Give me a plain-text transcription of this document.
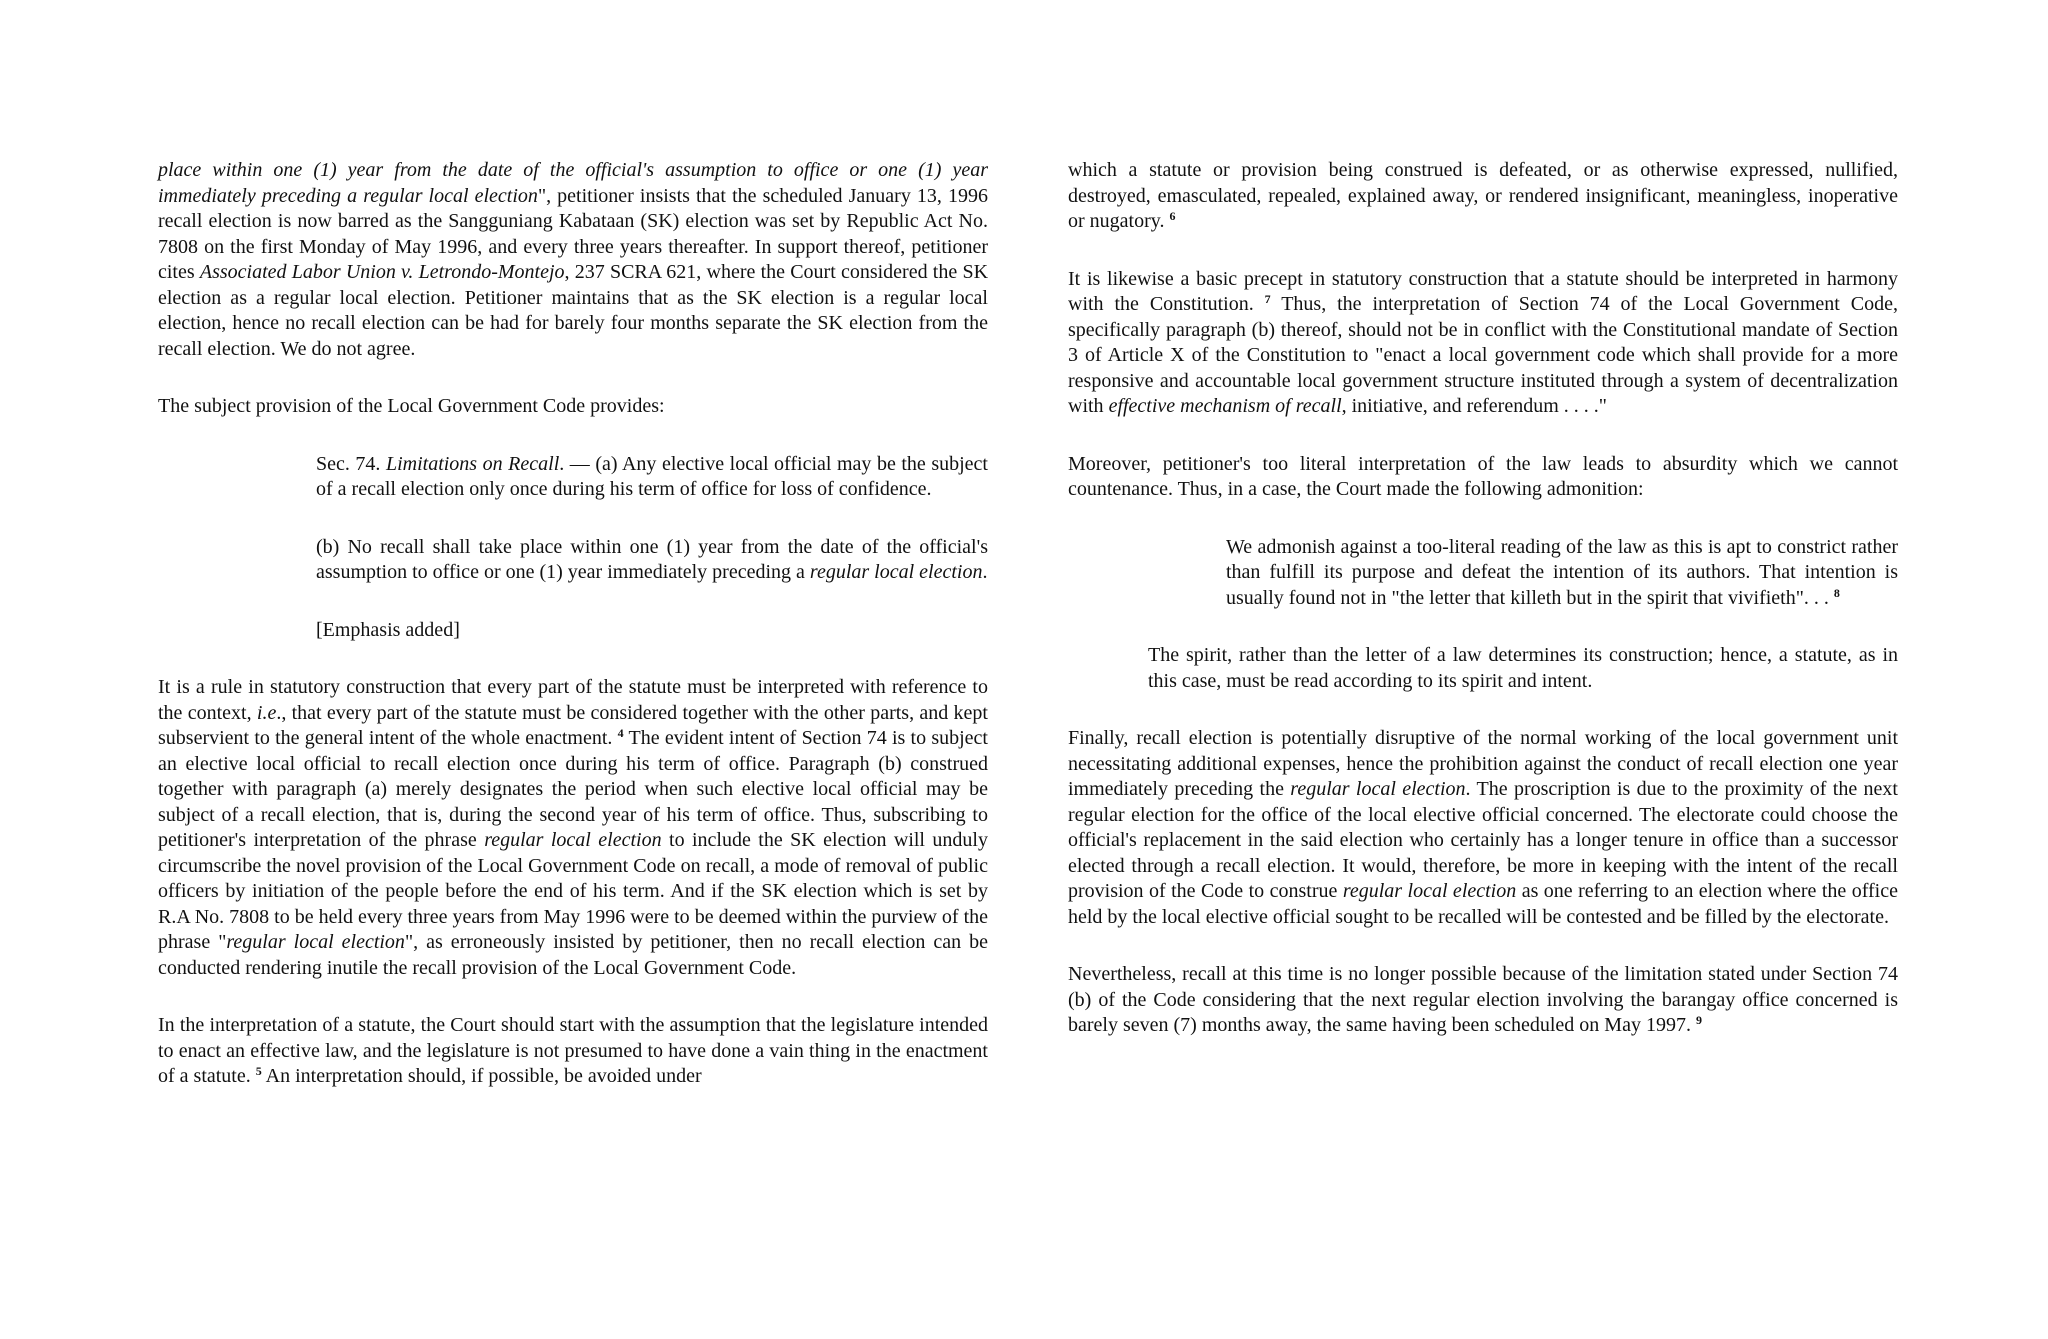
place within one (1) year from the date of the official's assumption to office or one (1) year immediately preceding a regular local election", petitioner insists that the scheduled January 13, 1996 recall election is now barred as the Sangguniang Kabataan (SK) election was set by Republic Act No. 7808 on the first Monday of May 1996, and every three years thereafter. In support thereof, petitioner cites Associated Labor Union v. Letrondo-Montejo, 237 SCRA 621, where the Court considered the SK election as a regular local election. Petitioner maintains that as the SK election is a regular local election, hence no recall election can be had for barely four months separate the SK election from the recall election. We do not agree.

The subject provision of the Local Government Code provides:

Sec. 74. Limitations on Recall. — (a) Any elective local official may be the subject of a recall election only once during his term of office for loss of confidence.

(b) No recall shall take place within one (1) year from the date of the official's assumption to office or one (1) year immediately preceding a regular local election.

[Emphasis added]

It is a rule in statutory construction that every part of the statute must be interpreted with reference to the context, i.e., that every part of the statute must be considered together with the other parts, and kept subservient to the general intent of the whole enactment. $^4$ The evident intent of Section 74 is to subject an elective local official to recall election once during his term of office. Paragraph (b) construed together with paragraph (a) merely designates the period when such elective local official may be subject of a recall election, that is, during the second year of his term of office. Thus, subscribing to petitioner's interpretation of the phrase regular local election to include the SK election will unduly circumscribe the novel provision of the Local Government Code on recall, a mode of removal of public officers by initiation of the people before the end of his term. And if the SK election which is set by R.A No. 7808 to be held every three years from May 1996 were to be deemed within the purview of the phrase "regular local election", as erroneously insisted by petitioner, then no recall election can be conducted rendering inutile the recall provision of the Local Government Code.

In the interpretation of a statute, the Court should start with the assumption that the legislature intended to enact an effective law, and the legislature is not presumed to have done a vain thing in the enactment of a statute. $^5$ An interpretation should, if possible, be avoided under

which a statute or provision being construed is defeated, or as otherwise expressed, nullified, destroyed, emasculated, repealed, explained away, or rendered insignificant, meaningless, inoperative or nugatory. $^6$

It is likewise a basic precept in statutory construction that a statute should be interpreted in harmony with the Constitution. $^7$ Thus, the interpretation of Section 74 of the Local Government Code, specifically paragraph (b) thereof, should not be in conflict with the Constitutional mandate of Section 3 of Article X of the Constitution to "enact a local government code which shall provide for a more responsive and accountable local government structure instituted through a system of decentralization with effective mechanism of recall, initiative, and referendum . . . ."

Moreover, petitioner's too literal interpretation of the law leads to absurdity which we cannot countenance. Thus, in a case, the Court made the following admonition:

We admonish against a too-literal reading of the law as this is apt to constrict rather than fulfill its purpose and defeat the intention of its authors. That intention is usually found not in "the letter that killeth but in the spirit that vivifieth". . . $^8$

The spirit, rather than the letter of a law determines its construction; hence, a statute, as in this case, must be read according to its spirit and intent.

Finally, recall election is potentially disruptive of the normal working of the local government unit necessitating additional expenses, hence the prohibition against the conduct of recall election one year immediately preceding the regular local election. The proscription is due to the proximity of the next regular election for the office of the local elective official concerned. The electorate could choose the official's replacement in the said election who certainly has a longer tenure in office than a successor elected through a recall election. It would, therefore, be more in keeping with the intent of the recall provision of the Code to construe regular local election as one referring to an election where the office held by the local elective official sought to be recalled will be contested and be filled by the electorate.

Nevertheless, recall at this time is no longer possible because of the limitation stated under Section 74 (b) of the Code considering that the next regular election involving the barangay office concerned is barely seven (7) months away, the same having been scheduled on May 1997. $^9$
